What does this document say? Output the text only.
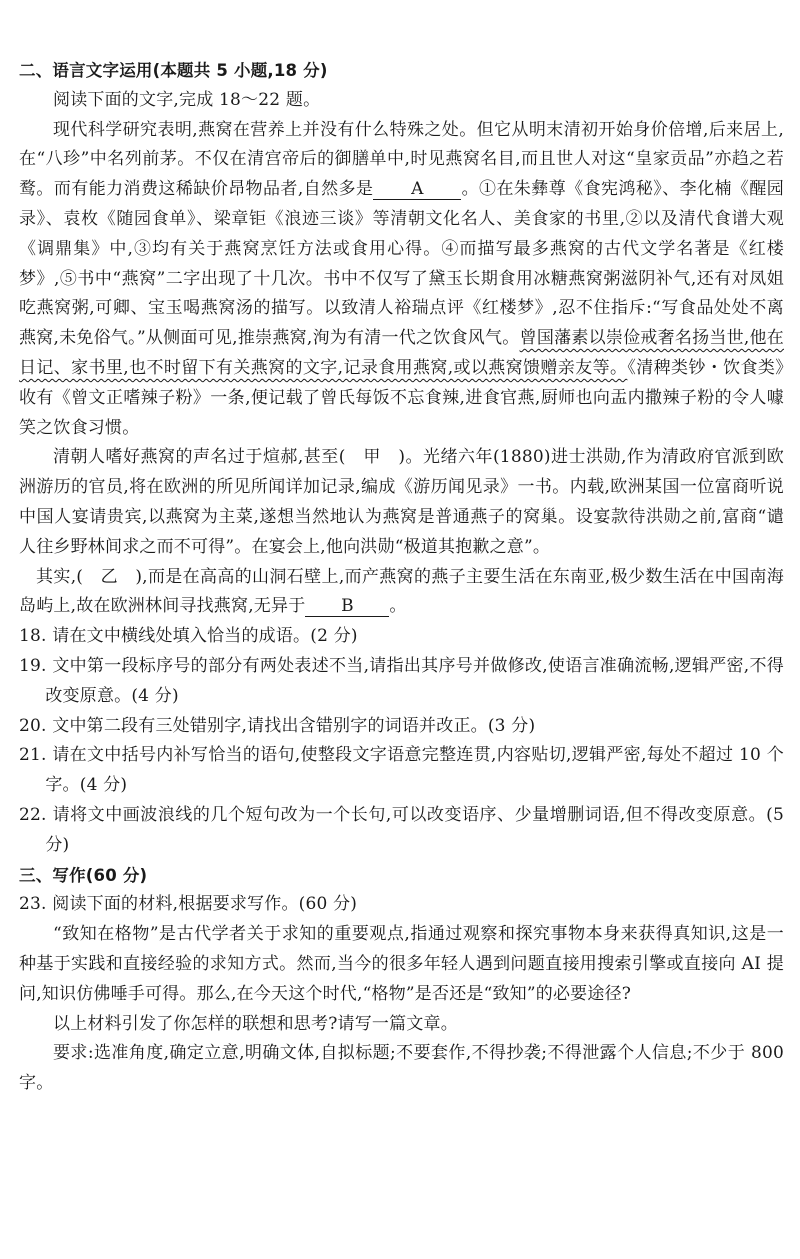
二、语言文字运用(本题共 5 小题,18 分)

阅读下面的文字,完成 18～22 题。

现代科学研究表明,燕窝在营养上并没有什么特殊之处。但它从明末清初开始身价倍增,后来居上,在“八珍”中名列前茅。不仅在清宫帝后的御膳单中,时见燕窝名目,而且世人对这“皇家贡品”亦趋之若鹜。而有能力消费这稀缺价昂物品者,自然多是 A 。①在朱彝尊《食宪鸿秘》、李化楠《醒园录》、袁枚《随园食单》、梁章钜《浪迹三谈》等清朝文化名人、美食家的书里,②以及清代食谱大观《调鼎集》中,③均有关于燕窝烹饪方法或食用心得。④而描写最多燕窝的古代文学名著是《红楼梦》,⑤书中“燕窝”二字出现了十几次。书中不仅写了黛玉长期食用冰糖燕窝粥滋阴补气,还有对凤姐吃燕窝粥,可卿、宝玉喝燕窝汤的描写。以致清人裕瑞点评《红楼梦》,忍不住指斥:“写食品处处不离燕窝,未免俗气。”从侧面可见,推崇燕窝,洵为有清一代之饮食风气。曾国藩素以崇俭戒奢名扬当世,他在日记、家书里,也不时留下有关燕窝的文字,记录食用燕窝,或以燕窝馈赠亲友等。《清稗类钞・饮食类》收有《曾文正嗜辣子粉》一条,便记载了曾氏每饭不忘食辣,进食官燕,厨师也向盂内撒辣子粉的令人噱笑之饮食习惯。

清朝人嗜好燕窝的声名过于煊郝,甚至(　甲　)。光绪六年(1880)进士洪勋,作为清政府官派到欧洲游历的官员,将在欧洲的所见所闻详加记录,编成《游历闻见录》一书。内载,欧洲某国一位富商听说中国人宴请贵宾,以燕窝为主菜,遂想当然地认为燕窝是普通燕子的窝巢。设宴款待洪勋之前,富商“谴人往乡野林间求之而不可得”。在宴会上,他向洪勋“极道其抱歉之意”。

其实,(　乙　),而是在高高的山洞石壁上,而产燕窝的燕子主要生活在东南亚,极少数生活在中国南海岛屿上,故在欧洲林间寻找燕窝,无异于 B 。

18. 请在文中横线处填入恰当的成语。(2 分)

19. 文中第一段标序号的部分有两处表述不当,请指出其序号并做修改,使语言准确流畅,逻辑严密,不得改变原意。(4 分)

20. 文中第二段有三处错别字,请找出含错别字的词语并改正。(3 分)

21. 请在文中括号内补写恰当的语句,使整段文字语意完整连贯,内容贴切,逻辑严密,每处不超过 10 个字。(4 分)

22. 请将文中画波浪线的几个短句改为一个长句,可以改变语序、少量增删词语,但不得改变原意。(5 分)

三、写作(60 分)

23. 阅读下面的材料,根据要求写作。(60 分)

“致知在格物”是古代学者关于求知的重要观点,指通过观察和探究事物本身来获得真知识,这是一种基于实践和直接经验的求知方式。然而,当今的很多年轻人遇到问题直接用搜索引擎或直接向 AI 提问,知识仿佛唾手可得。那么,在今天这个时代,“格物”是否还是“致知”的必要途径?

以上材料引发了你怎样的联想和思考?请写一篇文章。

要求:选准角度,确定立意,明确文体,自拟标题;不要套作,不得抄袭;不得泄露个人信息;不少于 800 字。
